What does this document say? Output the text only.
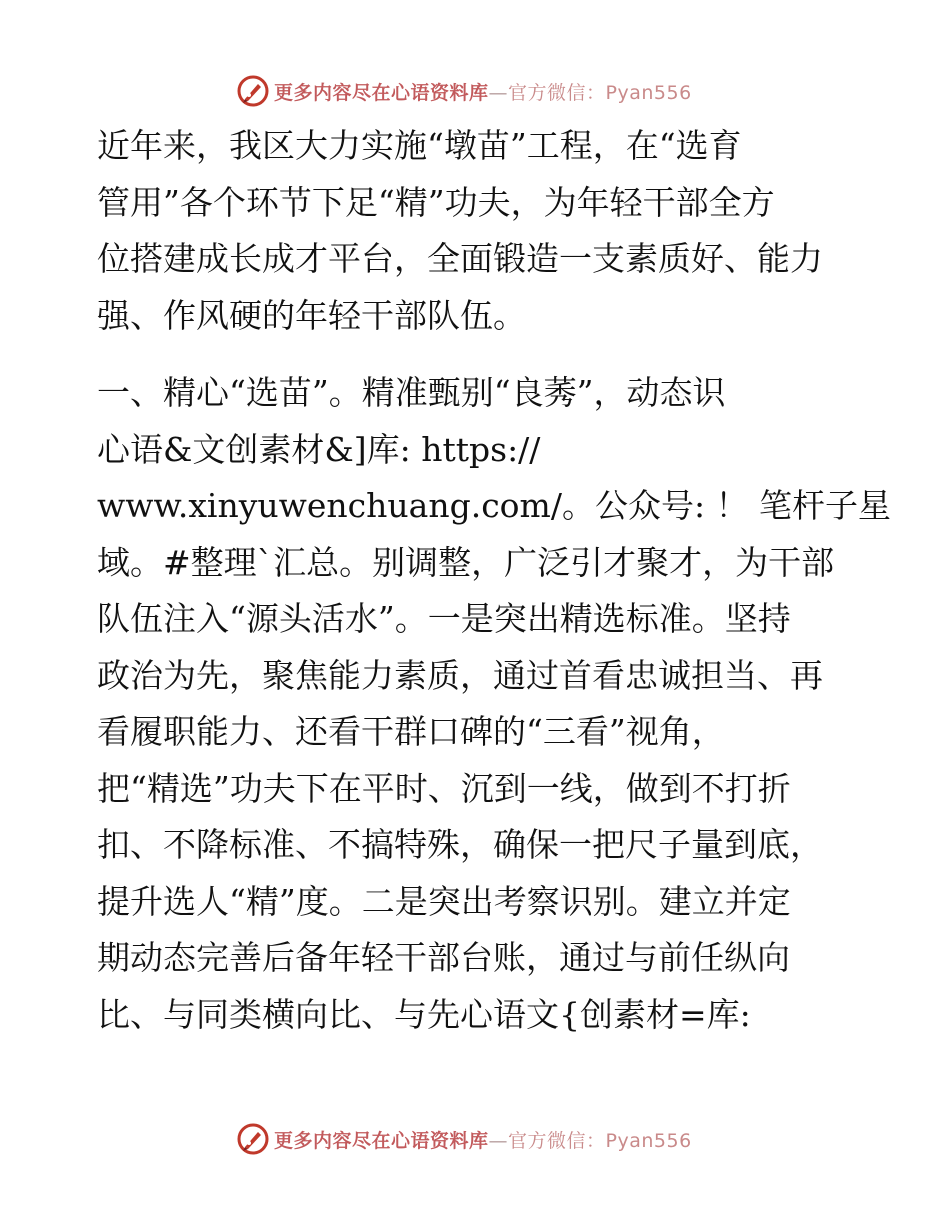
更多内容尽在心语资料库—官方微信：Pyan556

近年来，我区大力实施“墩苗”工程，在“选育
管用”各个环节下足“精”功夫，为年轻干部全方
位搭建成长成才平台，全面锻造一支素质好、能力
强、作风硬的年轻干部队伍。

一、精心“选苗”。精准甄别“良莠”，动态识
心语&文创素材&]库: https://
www.xinyuwenchuang.com/。公众号: ！ 笔杆子星
域。#整理`汇总。别调整，广泛引才聚才，为干部
队伍注入“源头活水”。一是突出精选标准。坚持
政治为先，聚焦能力素质，通过首看忠诚担当、再
看履职能力、还看干群口碑的“三看”视角，
把“精选”功夫下在平时、沉到一线，做到不打折
扣、不降标准、不搞特殊，确保一把尺子量到底，
提升选人“精”度。二是突出考察识别。建立并定
期动态完善后备年轻干部台账，通过与前任纵向
比、与同类横向比、与先心语文{创素材=库:

更多内容尽在心语资料库—官方微信：Pyan556
